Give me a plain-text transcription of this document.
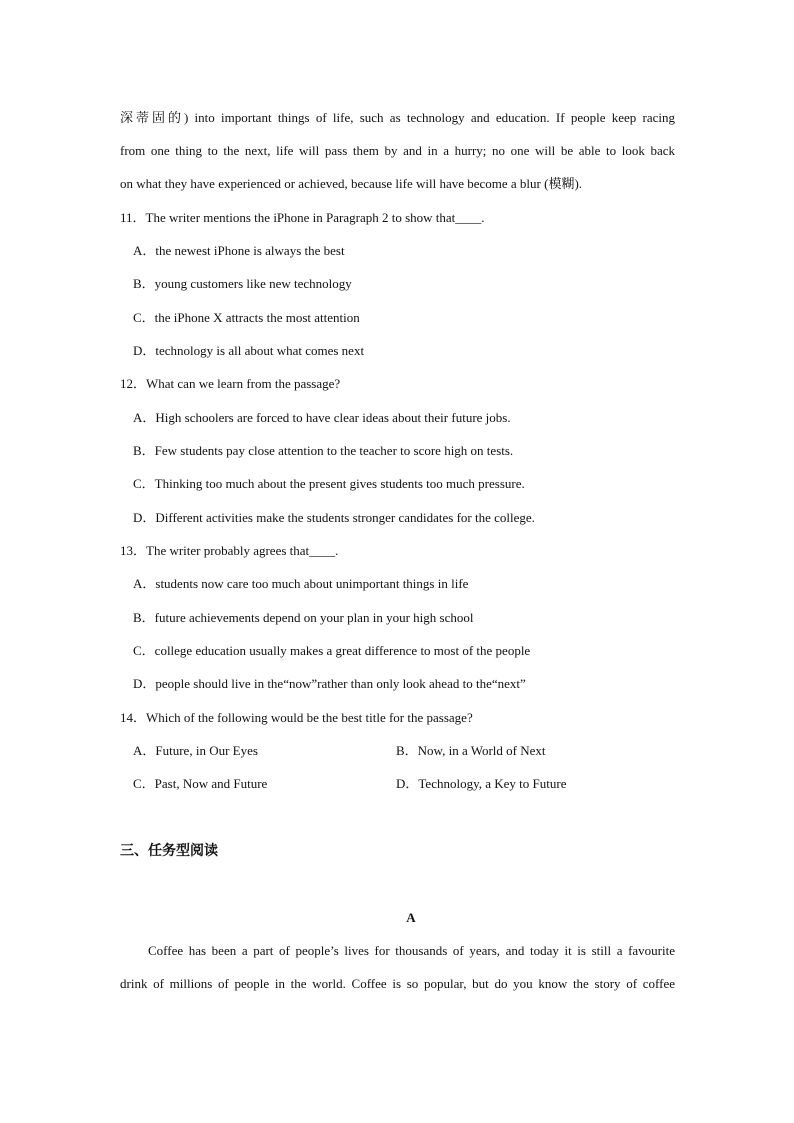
深蒂固的) into important things of life, such as technology and education. If people keep racing
from one thing to the next, life will pass them by and in a hurry; no one will be able to look back
on what they have experienced or achieved, because life will have become a blur (模糊).
11．The writer mentions the iPhone in Paragraph 2 to show that____.
A．the newest iPhone is always the best
B．young customers like new technology
C．the iPhone X attracts the most attention
D．technology is all about what comes next
12．What can we learn from the passage?
A．High schoolers are forced to have clear ideas about their future jobs.
B．Few students pay close attention to the teacher to score high on tests.
C．Thinking too much about the present gives students too much pressure.
D．Different activities make the students stronger candidates for the college.
13．The writer probably agrees that____.
A．students now care too much about unimportant things in life
B．future achievements depend on your plan in your high school
C．college education usually makes a great difference to most of the people
D．people should live in the“now”rather than only look ahead to the“next”
14．Which of the following would be the best title for the passage?
A．Future, in Our Eyes	B．Now, in a World of Next
C．Past, Now and Future	D．Technology, a Key to Future
三、任务型阅读
A
Coffee has been a part of people’s lives for thousands of years, and today it is still a favourite
drink of millions of people in the world. Coffee is so popular, but do you know the story of coffee
